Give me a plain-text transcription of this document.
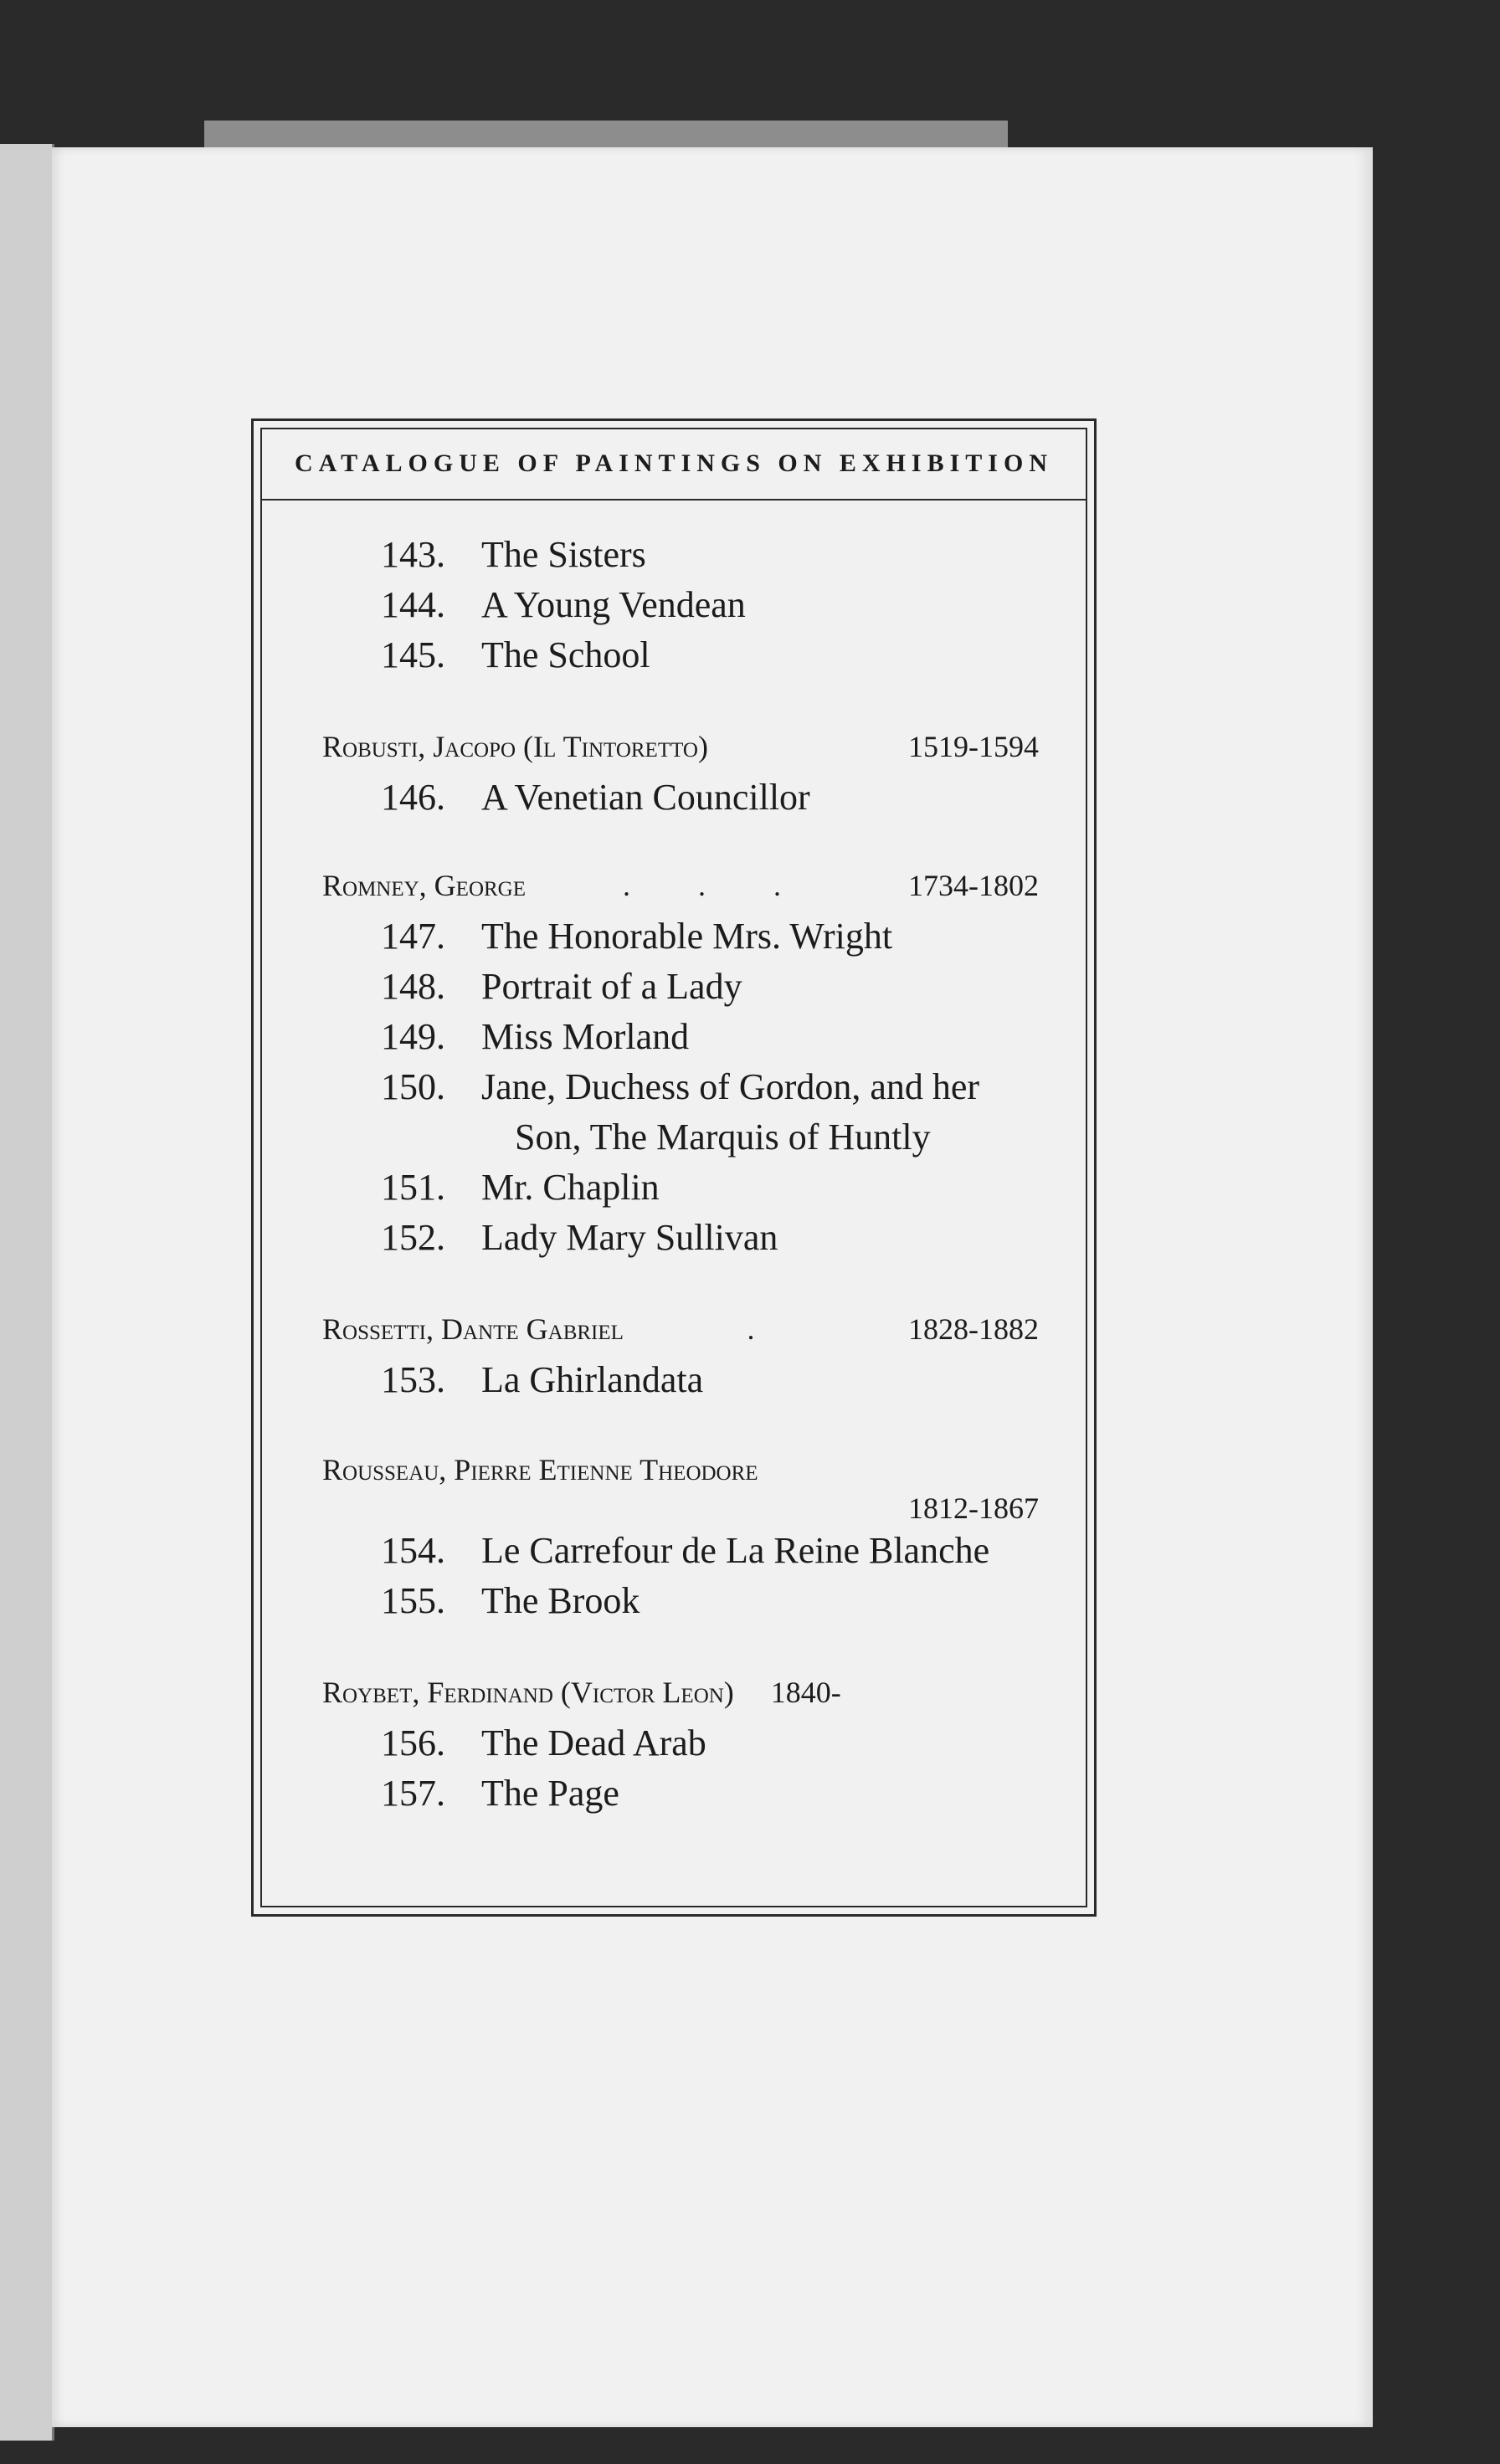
CATALOGUE OF PAINTINGS ON EXHIBITION
143. The Sisters
144. A Young Vendean
145. The School
Robusti, Jacopo (Il Tintoretto)	1519-1594
146. A Venetian Councillor
Romney, George	. . .	1734-1802
147. The Honorable Mrs. Wright
148. Portrait of a Lady
149. Miss Morland
150. Jane, Duchess of Gordon, and her
Son, The Marquis of Huntly
151. Mr. Chaplin
152. Lady Mary Sullivan
Rossetti, Dante Gabriel	.	1828-1882
153. La Ghirlandata
Rousseau, Pierre Etienne Theodore
1812-1867
154. Le Carrefour de La Reine Blanche
155. The Brook
Roybet, Ferdinand (Victor Leon) 1840-
156. The Dead Arab
157. The Page
